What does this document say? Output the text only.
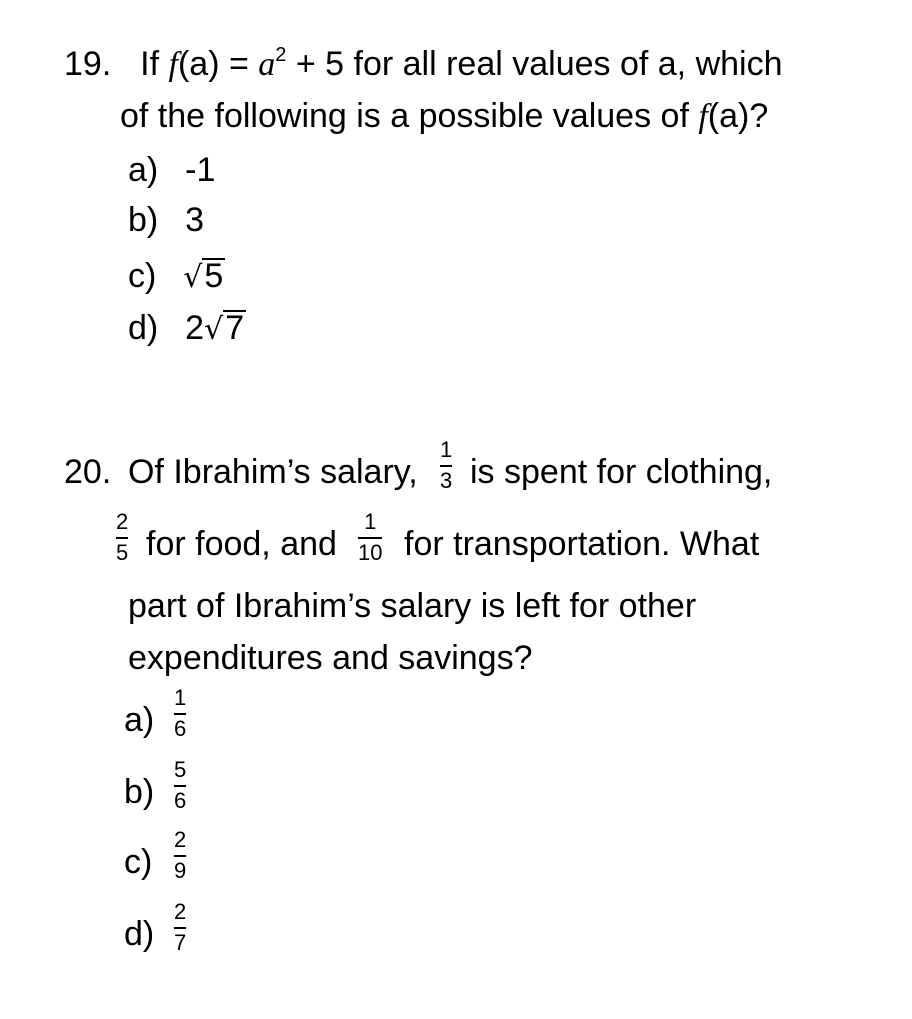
19. If $f(a) = a^2 + 5$ for all real values of a, which
of the following is a possible values of f(a)?
a) -1
b) 3
c) √5
d) 2√7
20. Of Ibrahim’s salary,
1
3 is spent for clothing,
2
5 for food, and
1
10 for transportation. What
part of Ibrahim’s salary is left for other
expenditures and savings?
a)
1
6
b)
5
6
c)
2
9
d)
2
7
